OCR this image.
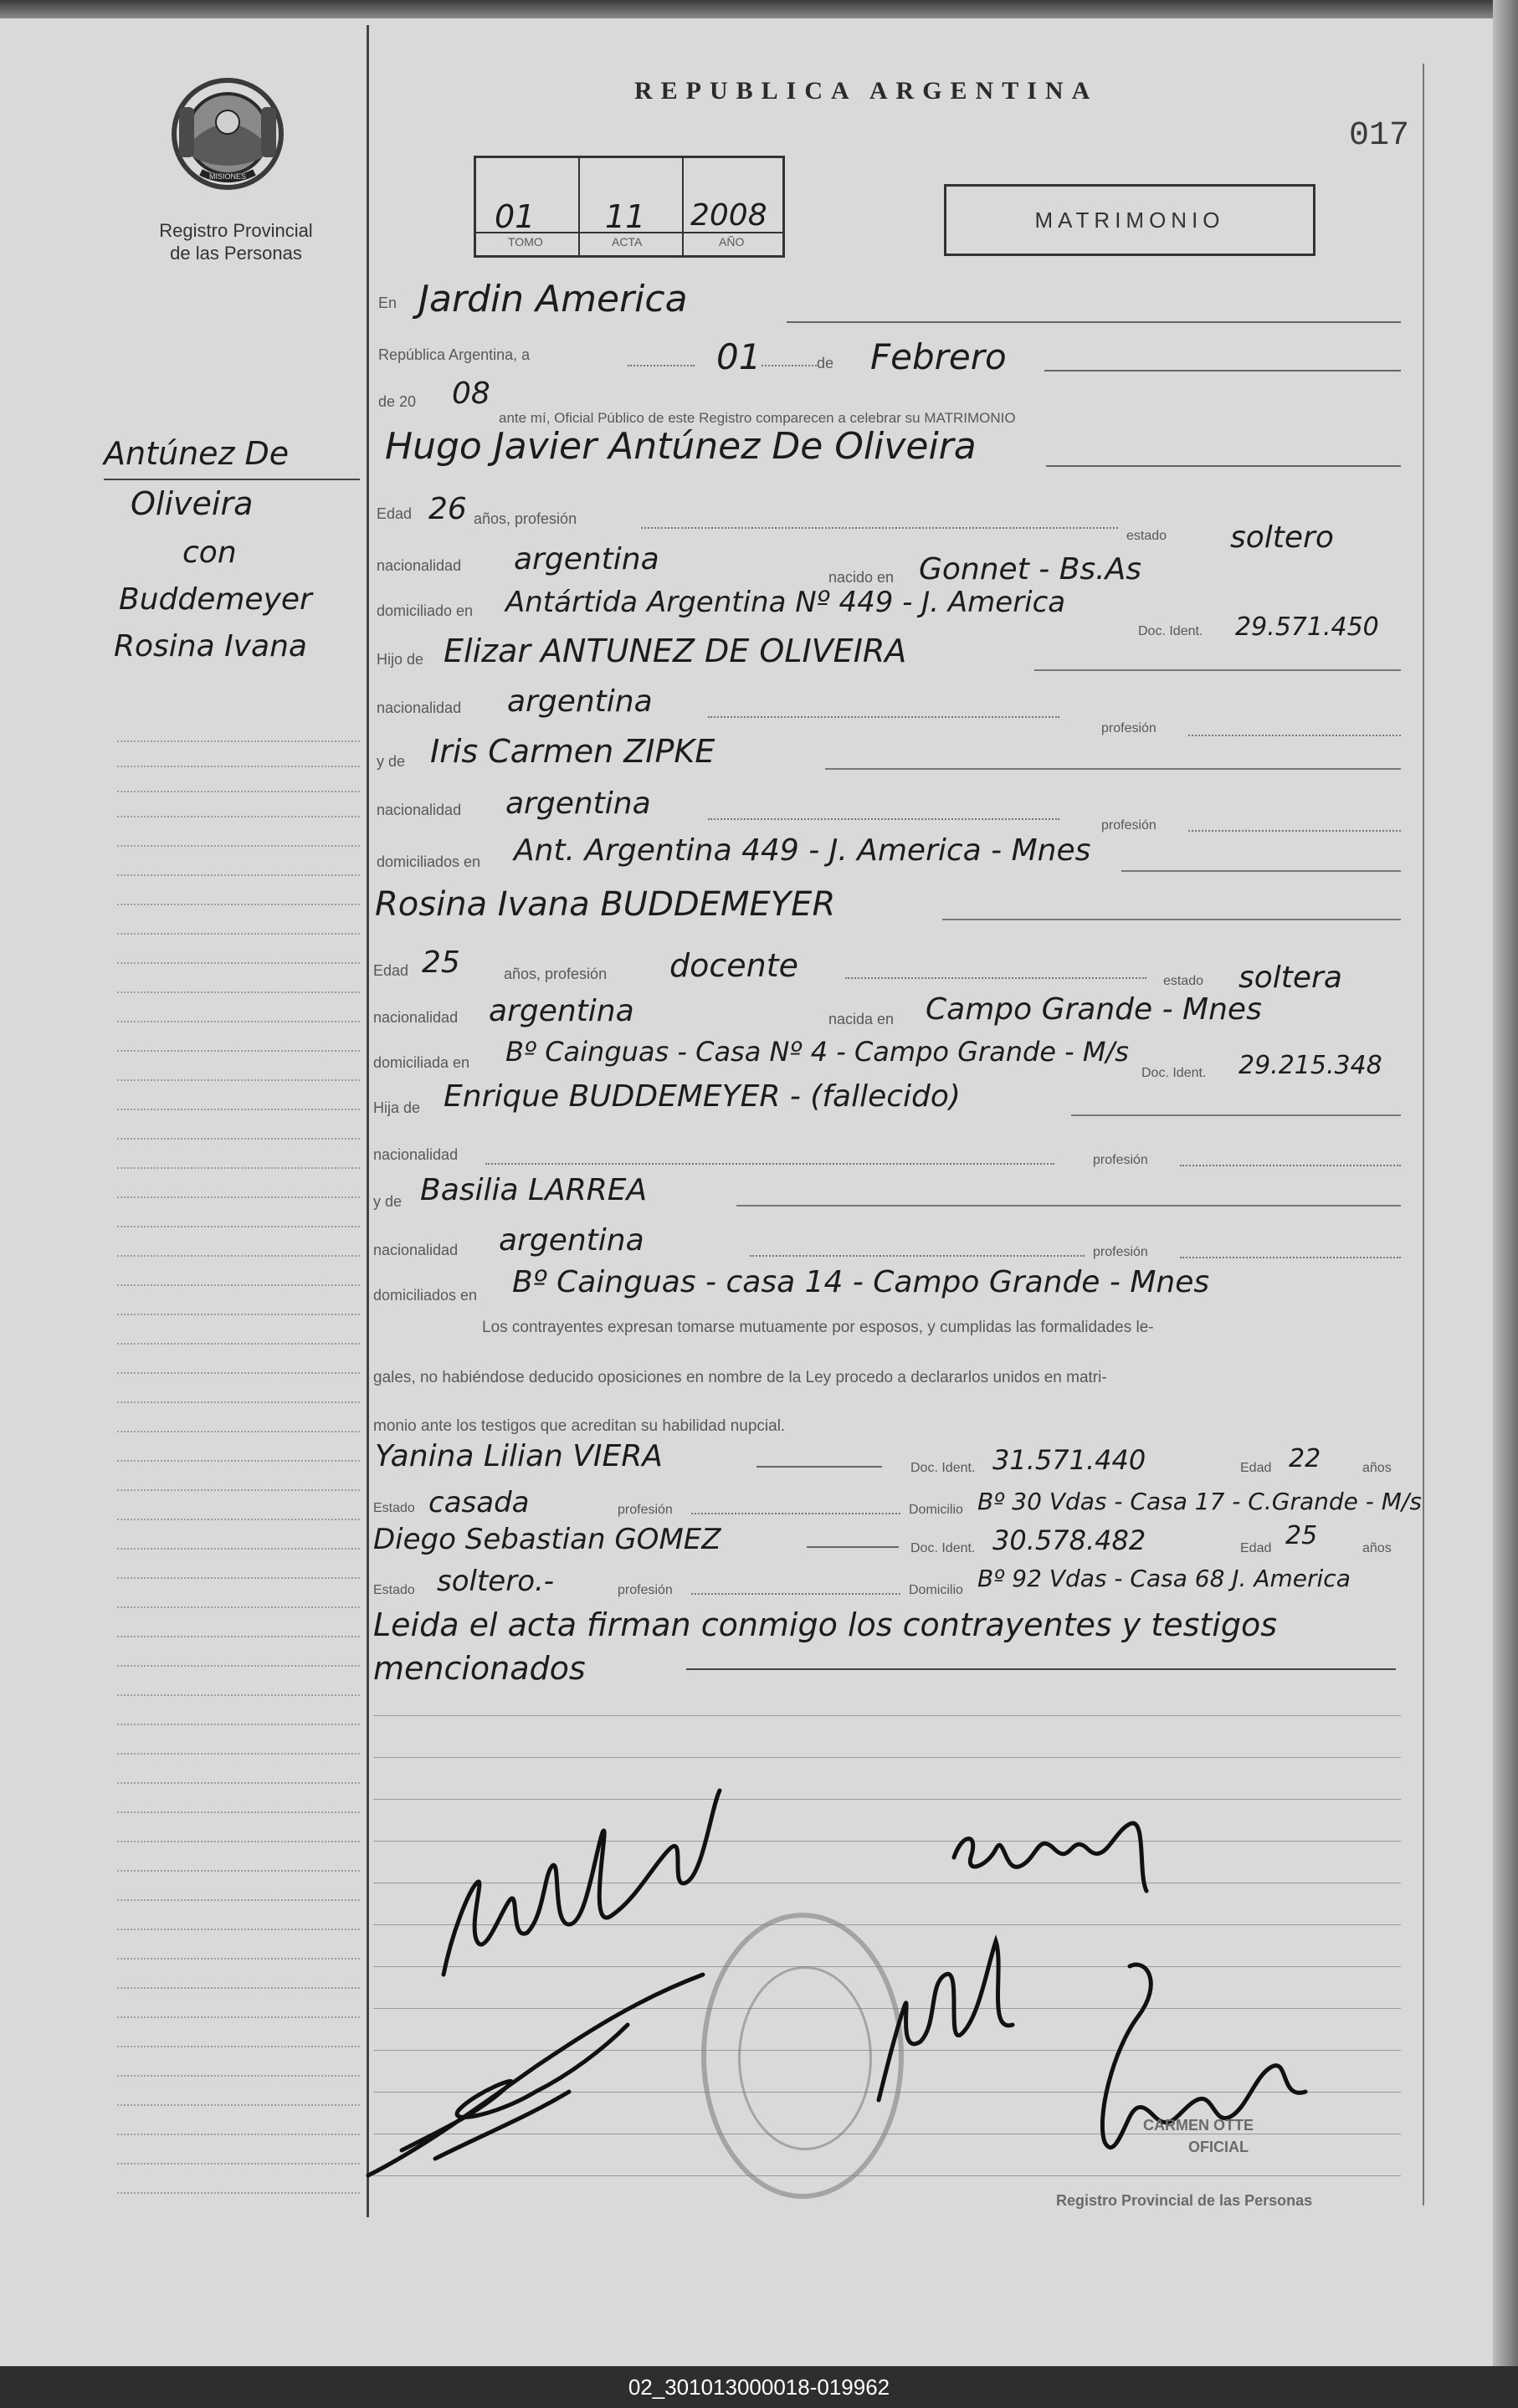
MISIONES
Registro Provincial
de las Personas
REPUBLICA ARGENTINA
017
01
TOMO
11
ACTA
2008
AÑO
MATRIMONIO
Antúnez De
Oliveira
con
Buddemeyer
Rosina Ivana
En Jardin America
República Argentina, a	01	de Febrero
de 20 08
ante mí, Oficial Público de este Registro comparecen a celebrar su MATRIMONIO
Hugo Javier Antúnez De Oliveira
Edad 26 años, profesión
estado soltero
nacionalidad argentina
nacido en Gonnet - Bs.As
domiciliado en Antártida Argentina Nº 449 - J. America
Doc. Ident. 29.571.450
Hijo de Elizar ANTUNEZ DE OLIVEIRA
nacionalidad argentina
profesión
y de Iris Carmen ZIPKE
nacionalidad argentina
profesión
domiciliados en Ant. Argentina 449 - J. America - Mnes
Rosina Ivana BUDDEMEYER
Edad 25	años, profesión docente	estado soltera
nacionalidad argentina	nacida en Campo Grande - Mnes
domiciliada en Bº Cainguas - Casa Nº 4 - Campo Grande - M/s
Doc. Ident. 29.215.348
Hija de Enrique BUDDEMEYER - (fallecido)
nacionalidad	profesión
y de Basilia LARREA
nacionalidad argentina	profesión
domiciliados en Bº Cainguas - casa 14 - Campo Grande - Mnes
Los contrayentes expresan tomarse mutuamente por esposos, y cumplidas las formalidades le-
gales, no habiéndose deducido oposiciones en nombre de la Ley procedo a declararlos unidos en matri-
monio ante los testigos que acreditan su habilidad nupcial.
Yanina Lilian VIERA	Doc. Ident. 31.571.440	Edad 22	años
Estado casada	profesión	Domicilio Bº 30 Vdas - Casa 17 - C.Grande - M/s
Diego Sebastian GOMEZ	Doc. Ident. 30.578.482	Edad 25	años
Estado soltero.-	profesión	Domicilio Bº 92 Vdas - Casa 68 J. America
Leida el acta firman conmigo los contrayentes y testigos
mencionados
CARMEN OTTE
OFICIAL
Registro Provincial de las Personas
02_301013000018-019962
